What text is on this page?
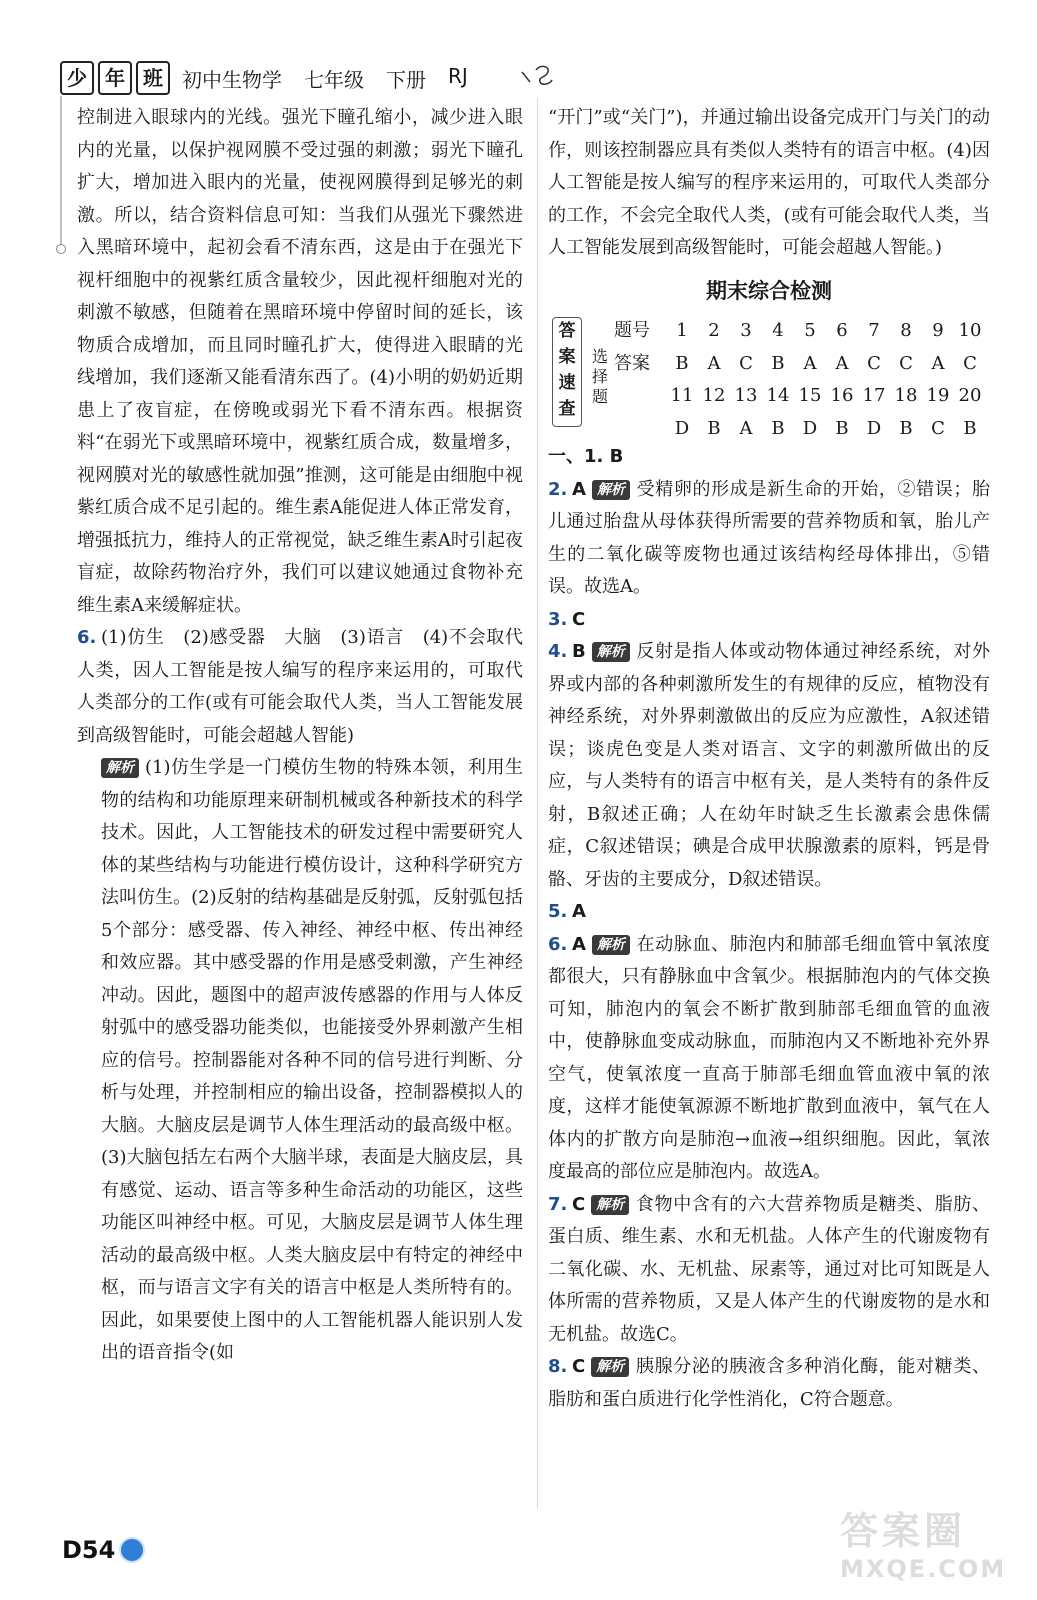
少 年 班 初中生物学 七年级 下册 RJ

控制进入眼球内的光线。强光下瞳孔缩小，减少进入眼内的光量，以保护视网膜不受过强的刺激；弱光下瞳孔扩大，增加进入眼内的光量，使视网膜得到足够光的刺激。所以，结合资料信息可知：当我们从强光下骤然进入黑暗环境中，起初会看不清东西，这是由于在强光下视杆细胞中的视紫红质含量较少，因此视杆细胞对光的刺激不敏感，但随着在黑暗环境中停留时间的延长，该物质合成增加，而且同时瞳孔扩大，使得进入眼睛的光线增加，我们逐渐又能看清东西了。(4)小明的奶奶近期患上了夜盲症，在傍晚或弱光下看不清东西。根据资料“在弱光下或黑暗环境中，视紫红质合成，数量增多，视网膜对光的敏感性就加强”推测，这可能是由细胞中视紫红质合成不足引起的。维生素A能促进人体正常发育，增强抵抗力，维持人的正常视觉，缺乏维生素A时引起夜盲症，故除药物治疗外，我们可以建议她通过食物补充维生素A来缓解症状。

6. (1)仿生　(2)感受器　大脑　(3)语言　(4)不会取代人类，因人工智能是按人编写的程序来运用的，可取代人类部分的工作(或有可能会取代人类，当人工智能发展到高级智能时，可能会超越人智能)

解析 (1)仿生学是一门模仿生物的特殊本领，利用生物的结构和功能原理来研制机械或各种新技术的科学技术。因此，人工智能技术的研发过程中需要研究人体的某些结构与功能进行模仿设计，这种科学研究方法叫仿生。(2)反射的结构基础是反射弧，反射弧包括5个部分：感受器、传入神经、神经中枢、传出神经和效应器。其中感受器的作用是感受刺激，产生神经冲动。因此，题图中的超声波传感器的作用与人体反射弧中的感受器功能类似，也能接受外界刺激产生相应的信号。控制器能对各种不同的信号进行判断、分析与处理，并控制相应的输出设备，控制器模拟人的大脑。大脑皮层是调节人体生理活动的最高级中枢。(3)大脑包括左右两个大脑半球，表面是大脑皮层，具有感觉、运动、语言等多种生命活动的功能区，这些功能区叫神经中枢。可见，大脑皮层是调节人体生理活动的最高级中枢。人类大脑皮层中有特定的神经中枢，而与语言文字有关的语言中枢是人类所特有的。因此，如果要使上图中的人工智能机器人能识别人发出的语音指令(如

“开门”或“关门”)，并通过输出设备完成开门与关门的动作，则该控制器应具有类似人类特有的语言中枢。(4)因人工智能是按人编写的程序来运用的，可取代人类部分的工作，不会完全取代人类，(或有可能会取代人类，当人工智能发展到高级智能时，可能会超越人智能。)

期末综合检测
答
案
速
查
选
择
题
题号	1	2	3	4	5	6	7	8	9	10
答案	B	A	C	B	A	A	C	C	A	C
	11	12	13	14	15	16	17	18	19	20
	D	B	A	B	D	B	D	B	C	B

一、1. B

2. A 解析 受精卵的形成是新生命的开始，②错误；胎儿通过胎盘从母体获得所需要的营养物质和氧，胎儿产生的二氧化碳等废物也通过该结构经母体排出，⑤错误。故选A。

3. C

4. B 解析 反射是指人体或动物体通过神经系统，对外界或内部的各种刺激所发生的有规律的反应，植物没有神经系统，对外界刺激做出的反应为应激性，A叙述错误；谈虎色变是人类对语言、文字的刺激所做出的反应，与人类特有的语言中枢有关，是人类特有的条件反射，B叙述正确；人在幼年时缺乏生长激素会患侏儒症，C叙述错误；碘是合成甲状腺激素的原料，钙是骨骼、牙齿的主要成分，D叙述错误。

5. A

6. A 解析 在动脉血、肺泡内和肺部毛细血管中氧浓度都很大，只有静脉血中含氧少。根据肺泡内的气体交换可知，肺泡内的氧会不断扩散到肺部毛细血管的血液中，使静脉血变成动脉血，而肺泡内又不断地补充外界空气，使氧浓度一直高于肺部毛细血管血液中氧的浓度，这样才能使氧源源不断地扩散到血液中，氧气在人体内的扩散方向是肺泡→血液→组织细胞。因此，氧浓度最高的部位应是肺泡内。故选A。

7. C 解析 食物中含有的六大营养物质是糖类、脂肪、蛋白质、维生素、水和无机盐。人体产生的代谢废物有二氧化碳、水、无机盐、尿素等，通过对比可知既是人体所需的营养物质，又是人体产生的代谢废物的是水和无机盐。故选C。

8. C 解析 胰腺分泌的胰液含多种消化酶，能对糖类、脂肪和蛋白质进行化学性消化，C符合题意。

D54	答案圈
MXQE.COM
